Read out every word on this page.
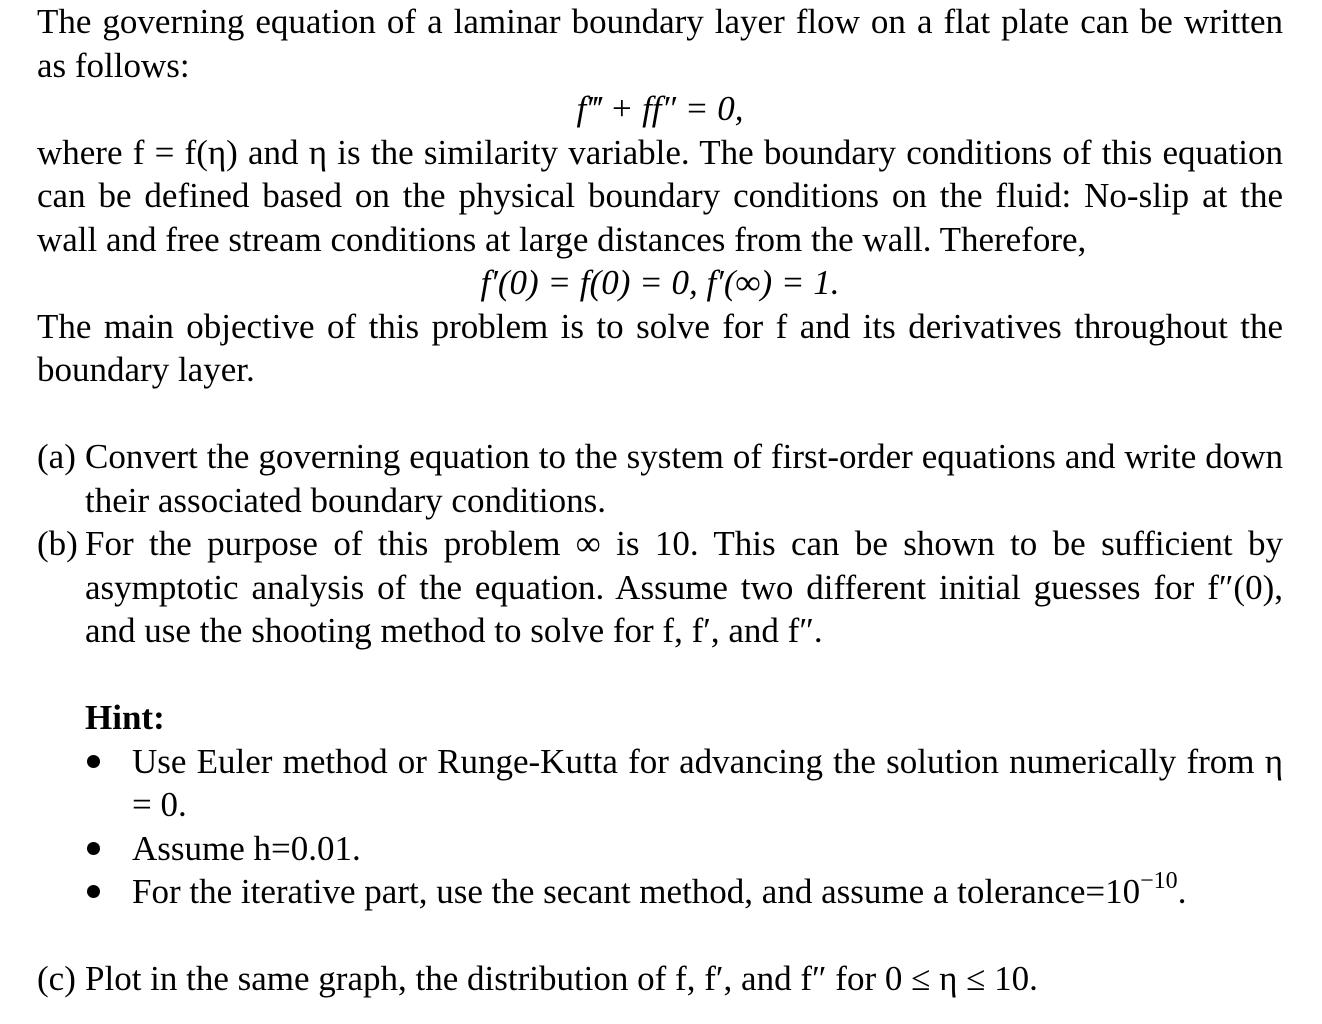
The governing equation of a laminar boundary layer flow on a flat plate can be written as follows:

f‴ + ff″ = 0,

where f = f(η) and η is the similarity variable. The boundary conditions of this equation can be defined based on the physical boundary conditions on the fluid: No-slip at the wall and free stream conditions at large distances from the wall. Therefore,

f′(0) = f(0) = 0, f′(∞) = 1.

The main objective of this problem is to solve for f and its derivatives throughout the boundary layer.

(a) Convert the governing equation to the system of first-order equations and write down their associated boundary conditions.
(b) For the purpose of this problem ∞ is 10. This can be shown to be sufficient by asymptotic analysis of the equation. Assume two different initial guesses for f″(0), and use the shooting method to solve for f, f′, and f″.

Hint:

Use Euler method or Runge-Kutta for advancing the solution numerically from η = 0.
Assume h=0.01.
For the iterative part, use the secant method, and assume a $tolerance=10^{-10}$.
(c) Plot in the same graph, the distribution of f, f′, and f″ for 0 ≤ η ≤ 10.
